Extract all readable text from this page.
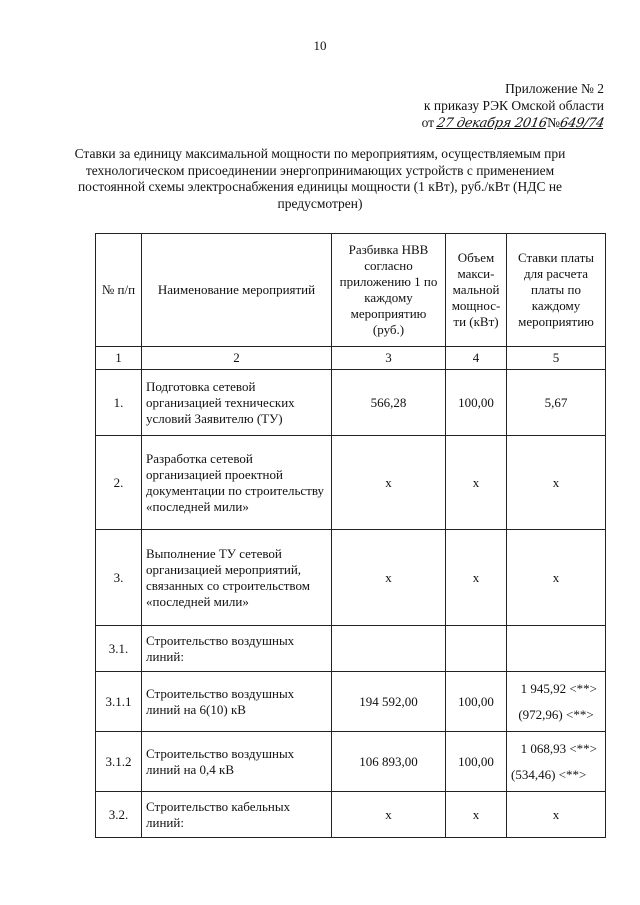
10
Приложение № 2
к приказу РЭК Омской области
от 27 декабря 2016№649/74
Ставки за единицу максимальной мощности по мероприятиям, осуществляемым при технологическом присоединении энергопринимающих устройств с применением постоянной схемы электроснабжения единицы мощности (1 кВт), руб./кВт (НДС не предусмотрен)
№ п/п	Наименование мероприятий	Разбивка НВВ согласно приложению 1 по каждому мероприятию (руб.)	Объем макси-мальной мощнос-ти (кВт)	Ставки платы для расчета платы по каждому мероприятию
1	2	3	4	5
1.	Подготовка сетевой организацией технических условий Заявителю (ТУ)	566,28	100,00	5,67
2.	Разработка сетевой организацией проектной документации по строительству «последней мили»	x	x	x
3.	Выполнение ТУ сетевой организацией мероприятий, связанных со строительством «последней мили»	x	x	x
3.1.	Строительство воздушных линий:			
3.1.1	Строительство воздушных линий на 6(10) кВ	194 592,00	100,00	1 945,92 <**>
(972,96) <**>

3.1.2	Строительство воздушных линий на 0,4 кВ	106 893,00	100,00	1 068,93 <**>
(534,46) <**>

3.2.	Строительство кабельных линий:	x	x	x
